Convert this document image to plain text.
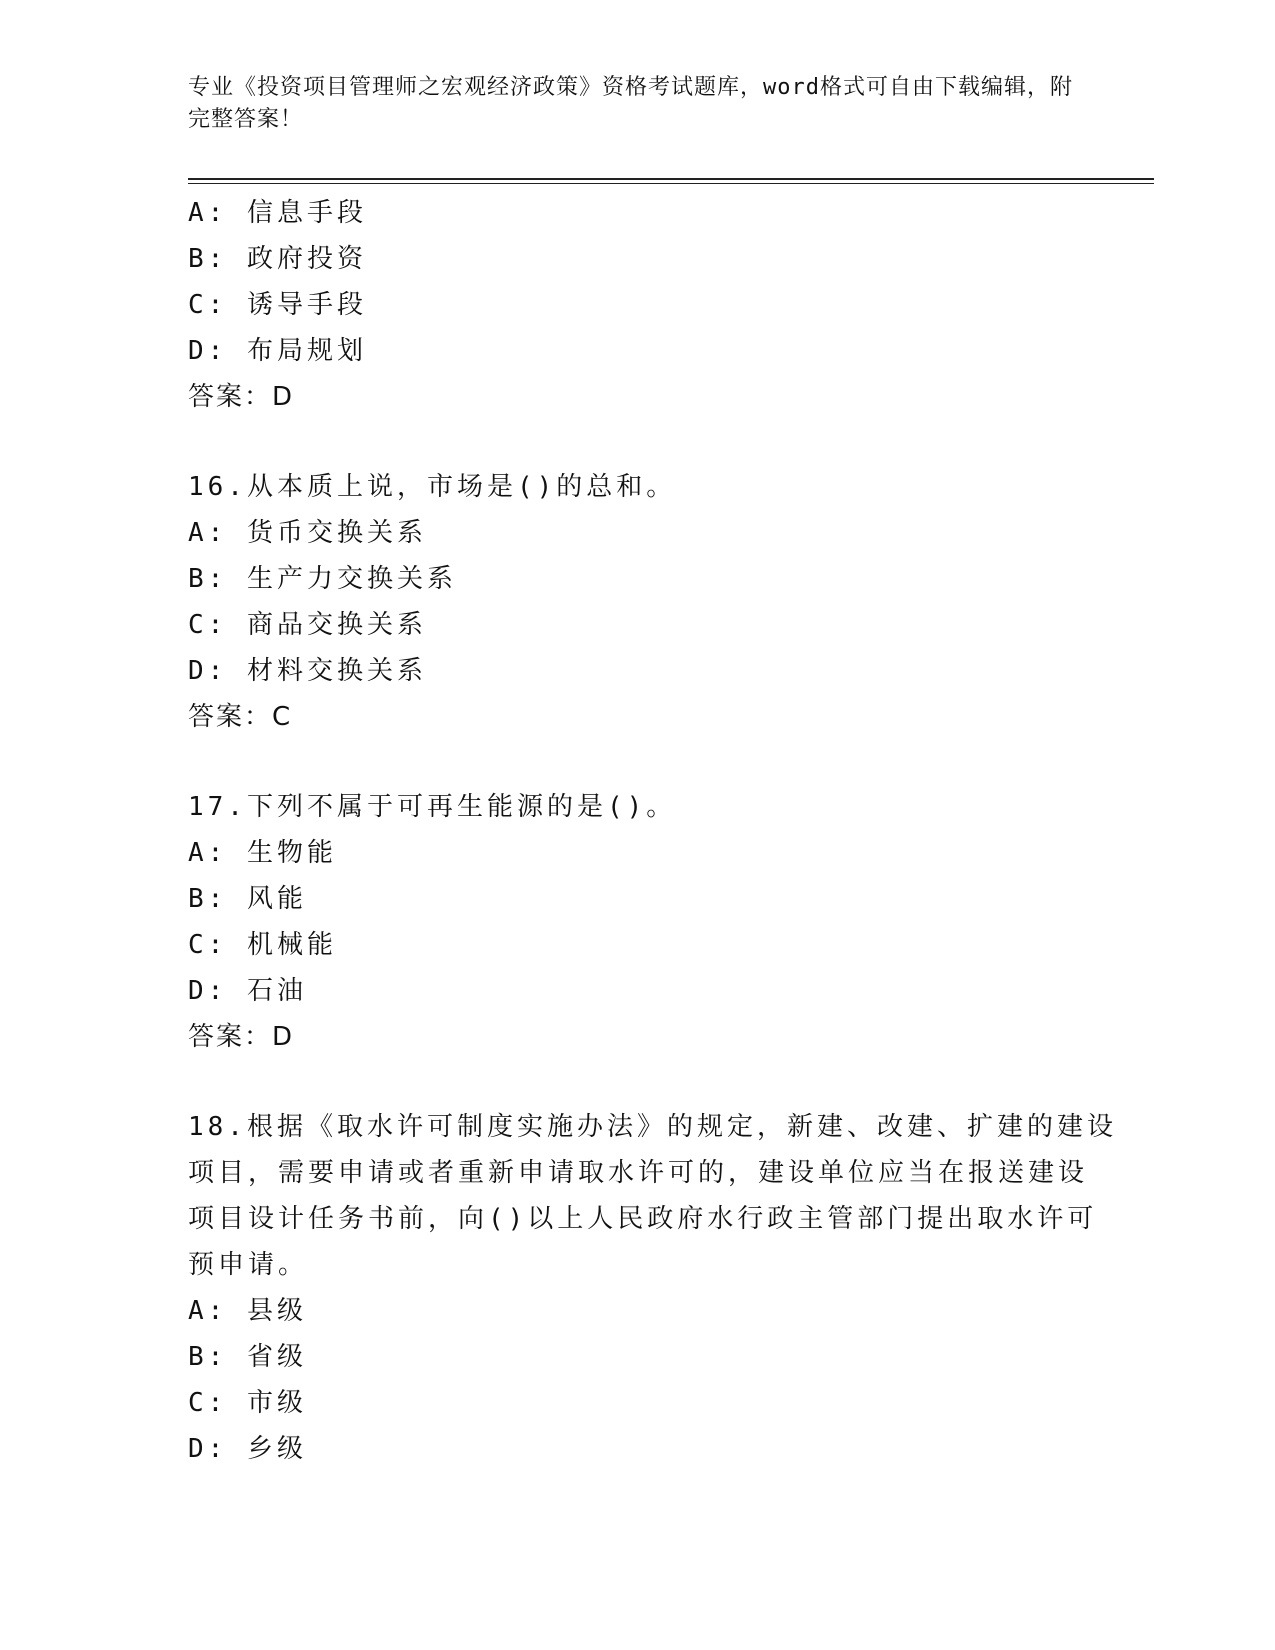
专业《投资项目管理师之宏观经济政策》资格考试题库，word格式可自由下载编辑，附完整答案！
A: 信息手段
B: 政府投资
C: 诱导手段
D: 布局规划
答案：D
16.从本质上说，市场是()的总和。
A: 货币交换关系
B: 生产力交换关系
C: 商品交换关系
D: 材料交换关系
答案：C
17.下列不属于可再生能源的是()。
A: 生物能
B: 风能
C: 机械能
D: 石油
答案：D
18.根据《取水许可制度实施办法》的规定，新建、改建、扩建的建设
项目，需要申请或者重新申请取水许可的，建设单位应当在报送建设
项目设计任务书前，向()以上人民政府水行政主管部门提出取水许可
预申请。
A: 县级
B: 省级
C: 市级
D: 乡级
